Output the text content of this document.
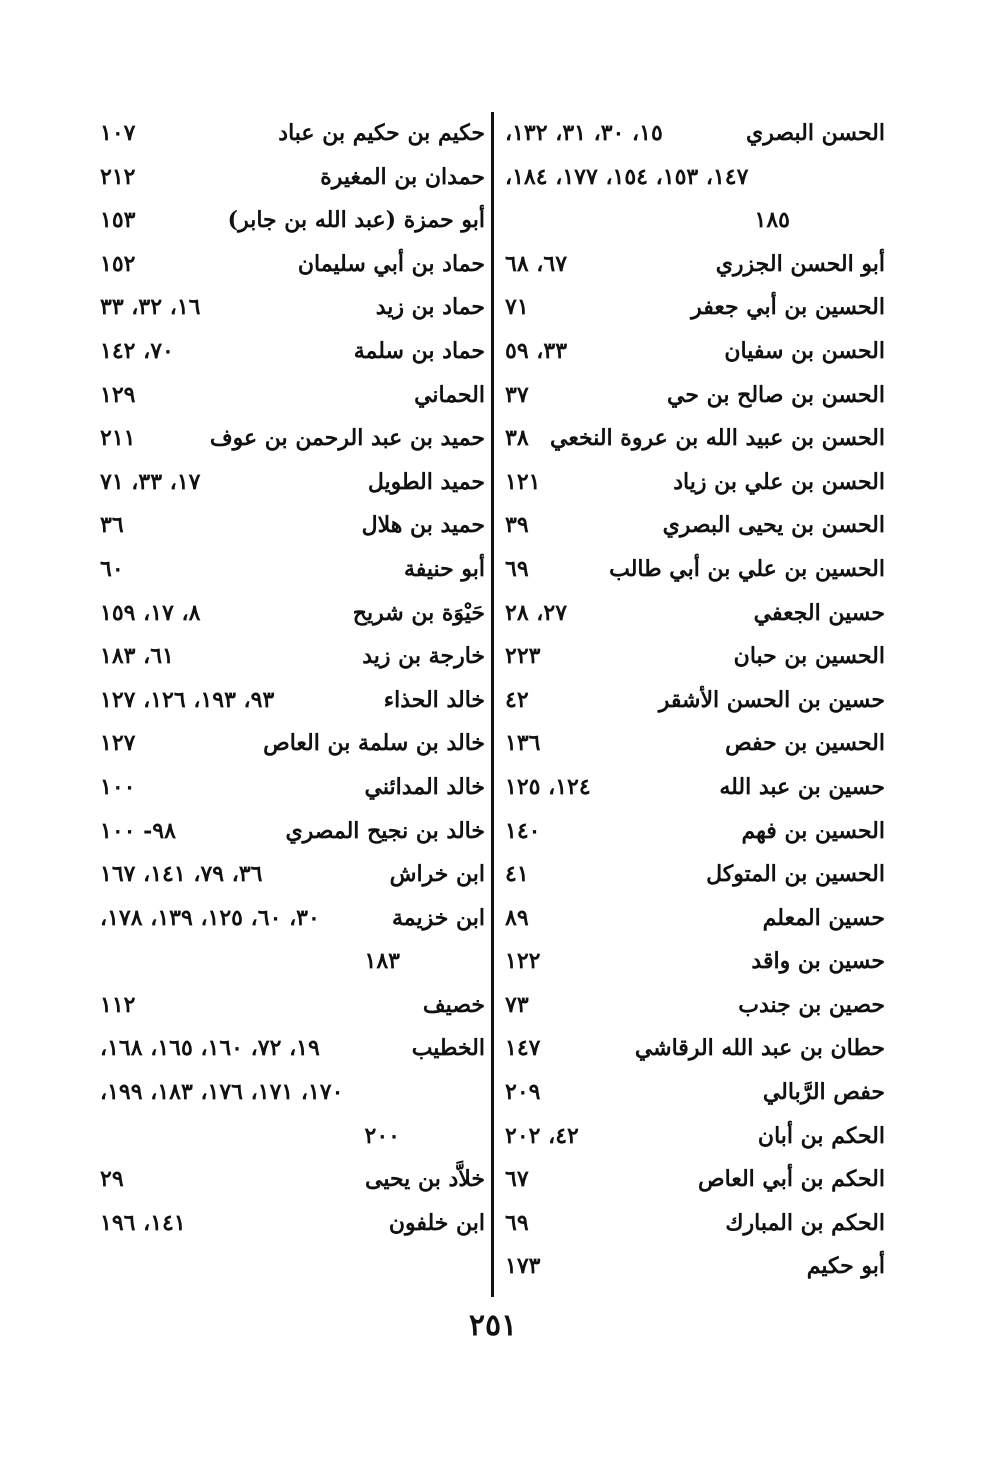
الحسن البصري
١٥، ٣٠، ٣١، ١٣٢،
١٤٧، ١٥٣، ١٥٤، ١٧٧، ١٨٤،
١٨٥
أبو الحسن الجزري
٦٧، ٦٨
الحسين بن أبي جعفر
٧١
الحسن بن سفيان
٣٣، ٥٩
الحسن بن صالح بن حي
٣٧
الحسن بن عبيد الله بن عروة النخعي
٣٨
الحسن بن علي بن زياد
١٢١
الحسن بن يحيى البصري
٣٩
الحسين بن علي بن أبي طالب
٦٩
حسين الجعفي
٢٧، ٢٨
الحسين بن حبان
٢٢٣
حسين بن الحسن الأشقر
٤٢
الحسين بن حفص
١٣٦
حسين بن عبد الله
١٢٤، ١٢٥
الحسين بن فهم
١٤٠
الحسين بن المتوكل
٤١
حسين المعلم
٨٩
حسين بن واقد
١٢٢
حصين بن جندب
٧٣
حطان بن عبد الله الرقاشي
١٤٧
حفص الرَّبالي
٢٠٩
الحكم بن أبان
٤٢، ٢٠٢
الحكم بن أبي العاص
٦٧
الحكم بن المبارك
٦٩
أبو حكيم
١٧٣
حكيم بن حكيم بن عباد
١٠٧
حمدان بن المغيرة
٢١٢
أبو حمزة (عبد الله بن جابر)
١٥٣
حماد بن أبي سليمان
١٥٢
حماد بن زيد
١٦، ٣٢، ٣٣
حماد بن سلمة
٧٠، ١٤٢
الحماني
١٢٩
حميد بن عبد الرحمن بن عوف
٢١١
حميد الطويل
١٧، ٣٣، ٧١
حميد بن هلال
٣٦
أبو حنيفة
٦٠
حَيْوَة بن شريح
٨، ١٧، ١٥٩
خارجة بن زيد
٦١، ١٨٣
خالد الحذاء
٩٣، ١٩٣، ١٢٦، ١٢٧
خالد بن سلمة بن العاص
١٢٧
خالد المدائني
١٠٠
خالد بن نجيح المصري
٩٨- ١٠٠
ابن خراش
٣٦، ٧٩، ١٤١، ١٦٧
ابن خزيمة
٣٠، ٦٠، ١٢٥، ١٣٩، ١٧٨،
١٨٣
خصيف
١١٢
الخطيب
١٩، ٧٢، ١٦٠، ١٦٥، ١٦٨،
١٧٠، ١٧١، ١٧٦، ١٨٣، ١٩٩،
٢٠٠
خلاَّد بن يحيى
٢٩
ابن خلفون
١٤١، ١٩٦
٢٥١
